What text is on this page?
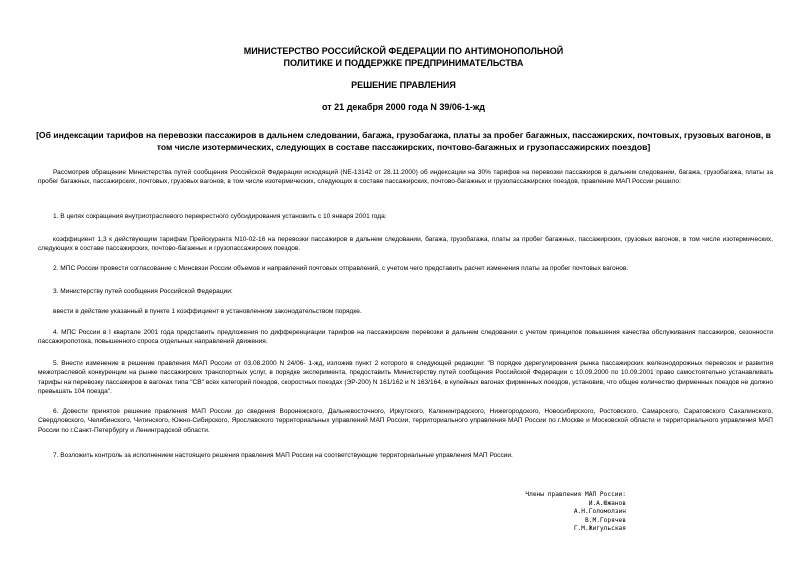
МИНИСТЕРСТВО РОССИЙСКОЙ ФЕДЕРАЦИИ ПО АНТИМОНОПОЛЬНОЙ
ПОЛИТИКЕ И ПОДДЕРЖКЕ ПРЕДПРИНИМАТЕЛЬСТВА
РЕШЕНИЕ ПРАВЛЕНИЯ
от 21 декабря 2000 года N 39/06-1-жд
[Об индексации тарифов на перевозки пассажиров в дальнем следовании, багажа, грузобагажа, платы за пробег багажных, пассажирских, почтовых, грузовых вагонов, в том числе изотермических, следующих в составе пассажирских, почтово-багажных и грузопассажирских поездов]
Рассмотрев обращение Министерства путей сообщения Российской Федерации исходящий (NE-13142 от 28.11.2000) об индексации на 30% тарифов на перевозки пассажиров в дальнем следовании, багажа, грузобагажа, платы за пробег багажных, пассажирских, почтовых, грузовых вагонов, в том числе изотермических, следующих в составе пассажирских, почтово-багажных и грузопассажирских поездов, правление МАП России решило:
1. В целях сокращения внутриотраслевого перекрестного субсидирования установить с 10 января 2001 года:
коэффициент 1,3 к действующим тарифам Прейскуранта N10-02-16 на перевозки пассажиров в дальнем следовании, багажа, грузобагажа, платы за пробег багажных, пассажирских, грузовых вагонов, в том числе изотермических, следующих в составе пассажирских, почтово-багажных и грузопассажирских поездов.
2. МПС России провести согласование с Минсвязи России объемов и направлений почтовых отправлений, с учетом чего представить расчет изменения платы за пробег почтовых вагонов.
3. Министерству путей сообщения Российской Федерации:
ввести в действие указанный в пункте 1 коэффициент в установленном законодательством порядке.
4. МПС России в I квартале 2001 года представить предложения по дифференциации тарифов на пассажирские перевозки в дальнем следовании с учетом принципов повышения качества обслуживания пассажиров, сезонности пассажиропотока, повышенного спроса отдельных направлений движения.
5. Внести изменение в решение правления МАП России от 03.08.2000 N 24/06- 1-жд, изложив пункт 2 которого в следующей редакции: "В порядке дерегулирования рынка пассажирских железнодорожных перевозок и развития межотраслевой конкуренции на рынке пассажирских транспортных услуг, в порядке эксперимента, предоставить Министерству путей сообщения Российской Федерации с 10.09.2000 по 10.09.2001 право самостоятельно устанавливать тарифы на перевозку пассажиров в вагонах типа "СВ" всех категорий поездов, скоростных поездах (ЭР-200) N 161/162 и N 163/164, в купейных вагонах фирменных поездов, установив, что общее количество фирменных поездов не должно превышать 104 поезда".
6. Довести принятое решение правления МАП России до сведения Воронежского, Дальневосточного, Иркутского, Калининградского, Нижегородского, Новосибирского, Ростовского, Самарского, Саратовского Сахалинского, Свердловского, Челябинского, Читинского, Южно-Сибирского, Ярославского территориальных управлений МАП России, территориального управления МАП России по г.Москве и Московской области и территориального управления МАП России по г.Санкт-Петербургу и Ленинградской области.
7. Возложить контроль за исполнением настоящего решения правления МАП России на соответствующие территориальные управления МАП России.
Члены правления МАП России:
И.А.Южанов
А.Н.Голомолзин
В.М.Горячев
Г.М.Жигульская
